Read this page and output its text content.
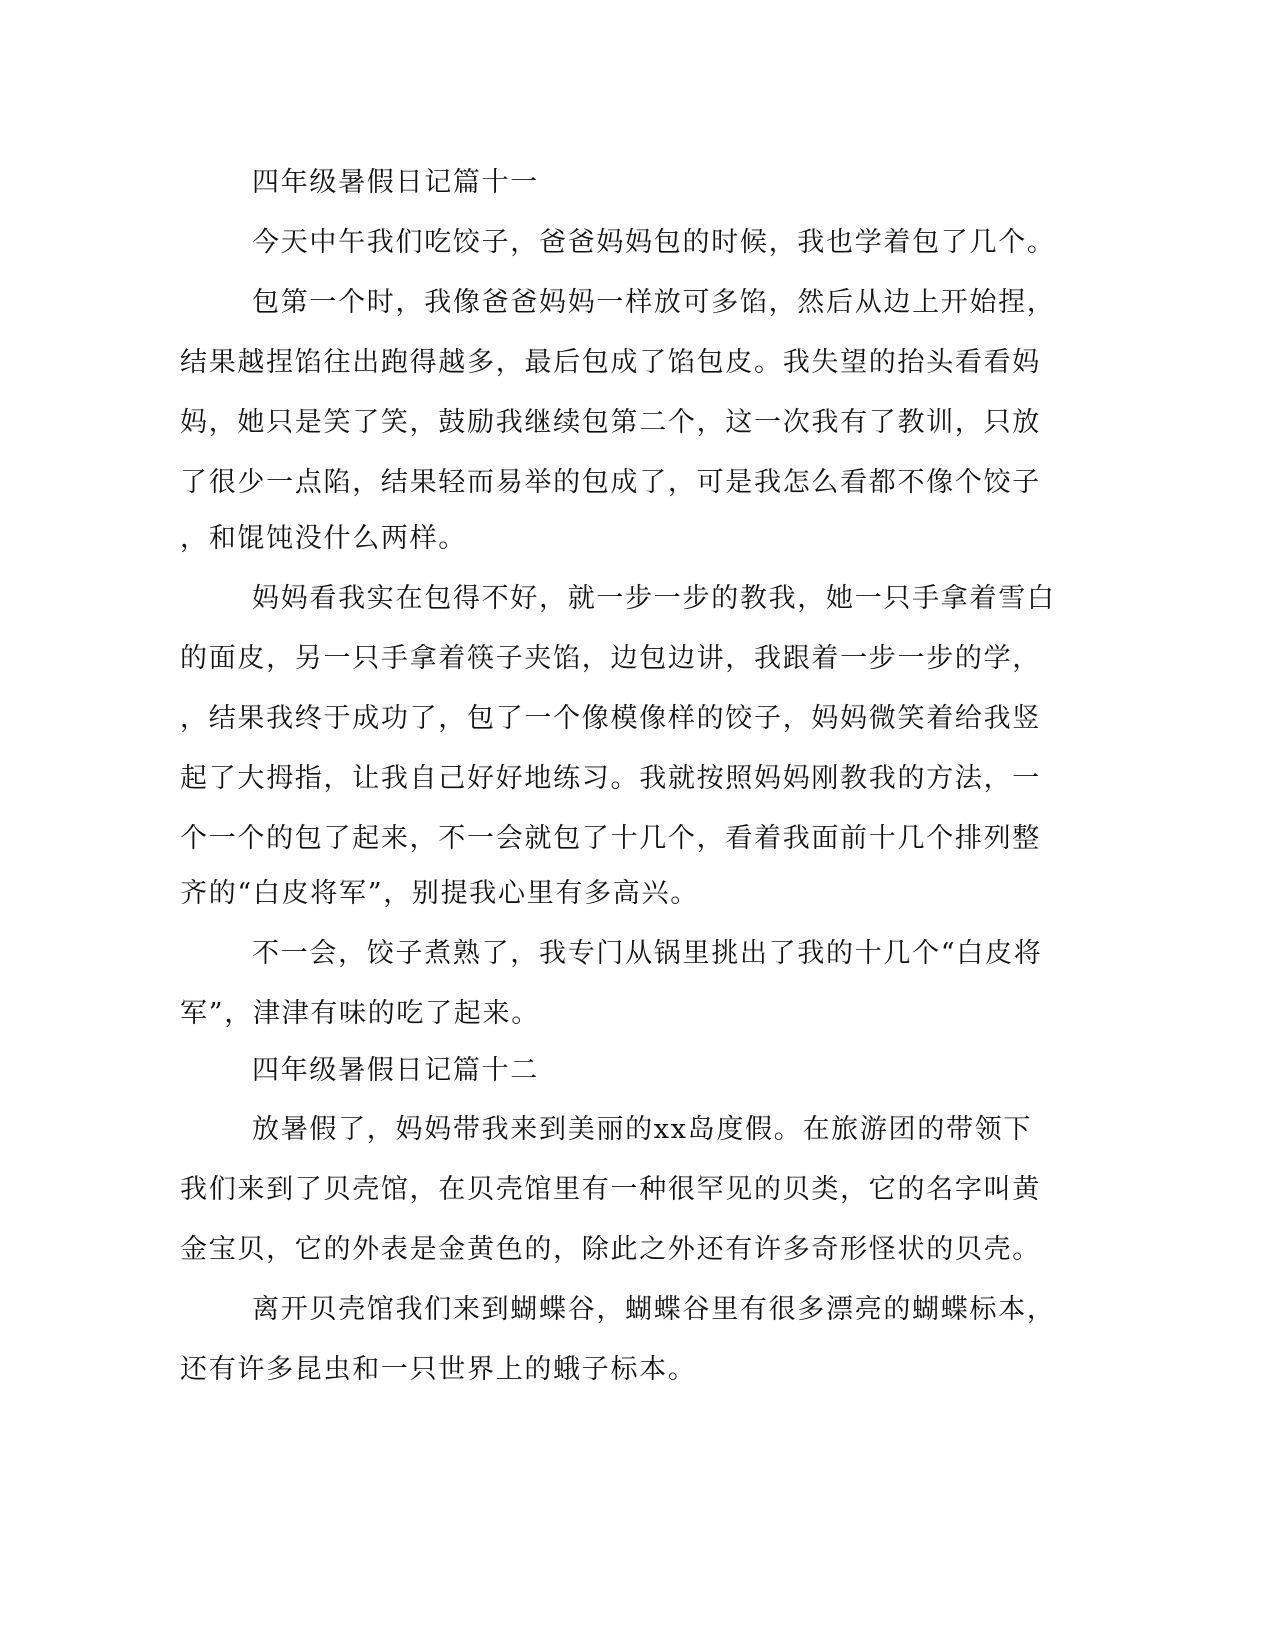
四年级暑假日记篇十一

今天中午我们吃饺子，爸爸妈妈包的时候，我也学着包了几个。

包第一个时，我像爸爸妈妈一样放可多馅，然后从边上开始捏，

结果越捏馅往出跑得越多，最后包成了馅包皮。我失望的抬头看看妈

妈，她只是笑了笑，鼓励我继续包第二个，这一次我有了教训，只放

了很少一点陷，结果轻而易举的包成了，可是我怎么看都不像个饺子

，和馄饨没什么两样。

妈妈看我实在包得不好，就一步一步的教我，她一只手拿着雪白

的面皮，另一只手拿着筷子夹馅，边包边讲，我跟着一步一步的学，

，结果我终于成功了，包了一个像模像样的饺子，妈妈微笑着给我竖

起了大拇指，让我自己好好地练习。我就按照妈妈刚教我的方法，一

个一个的包了起来，不一会就包了十几个，看着我面前十几个排列整

齐的“白皮将军”，别提我心里有多高兴。

不一会，饺子煮熟了，我专门从锅里挑出了我的十几个“白皮将

军”，津津有味的吃了起来。

四年级暑假日记篇十二

放暑假了，妈妈带我来到美丽的xx岛度假。在旅游团的带领下

我们来到了贝壳馆，在贝壳馆里有一种很罕见的贝类，它的名字叫黄

金宝贝，它的外表是金黄色的，除此之外还有许多奇形怪状的贝壳。

离开贝壳馆我们来到蝴蝶谷，蝴蝶谷里有很多漂亮的蝴蝶标本，

还有许多昆虫和一只世界上的蛾子标本。
